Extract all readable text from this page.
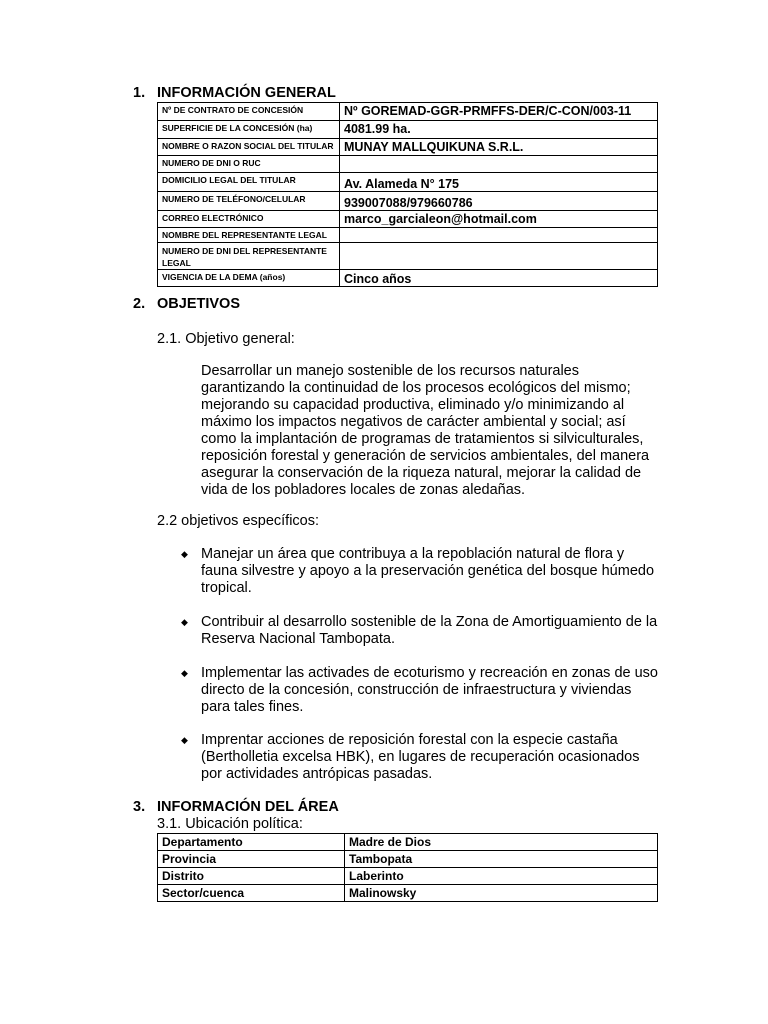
1. INFORMACIÓN GENERAL
Nº DE CONTRATO DE CONCESIÓN	Nº GOREMAD-GGR-PRMFFS-DER/C-CON/003-11
SUPERFICIE DE LA CONCESIÓN (ha)	4081.99 ha.
NOMBRE O RAZON SOCIAL DEL TITULAR	MUNAY MALLQUIKUNA S.R.L.
NUMERO DE DNI O RUC	
DOMICILIO LEGAL DEL TITULAR	Av. Alameda N° 175
NUMERO DE TELÉFONO/CELULAR	939007088/979660786
CORREO ELECTRÓNICO	marco_garcialeon@hotmail.com
NOMBRE DEL REPRESENTANTE LEGAL	
NUMERO DE DNI DEL REPRESENTANTE LEGAL	
VIGENCIA DE LA DEMA (años)	Cinco años
2. OBJETIVOS

2.1. Objetivo general:

Desarrollar un manejo sostenible de los recursos naturales garantizando la continuidad de los procesos ecológicos del mismo; mejorando su capacidad productiva, eliminado y/o minimizando al máximo los impactos negativos de carácter ambiental y social; así como la implantación de programas de tratamientos si silviculturales, reposición forestal y generación de servicios ambientales, del manera asegurar la conservación de la riqueza natural, mejorar la calidad de vida de los pobladores locales de zonas aledañas.

2.2 objetivos específicos:

◆ Manejar un área que contribuya a la repoblación natural de flora y fauna silvestre y apoyo a la preservación genética del bosque húmedo tropical.
◆ Contribuir al desarrollo sostenible de la Zona de Amortiguamiento de la Reserva Nacional Tambopata.
◆ Implementar las activades de ecoturismo y recreación en zonas de uso directo de la concesión, construcción de infraestructura y viviendas para tales fines.
◆ Imprentar acciones de reposición forestal con la especie castaña (Bertholletia excelsa HBK), en lugares de recuperación ocasionados por actividades antrópicas pasadas.
3. INFORMACIÓN DEL ÁREA

3.1. Ubicación política:

Departamento	Madre de Dios
Provincia	Tambopata
Distrito	Laberinto
Sector/cuenca	Malinowsky
